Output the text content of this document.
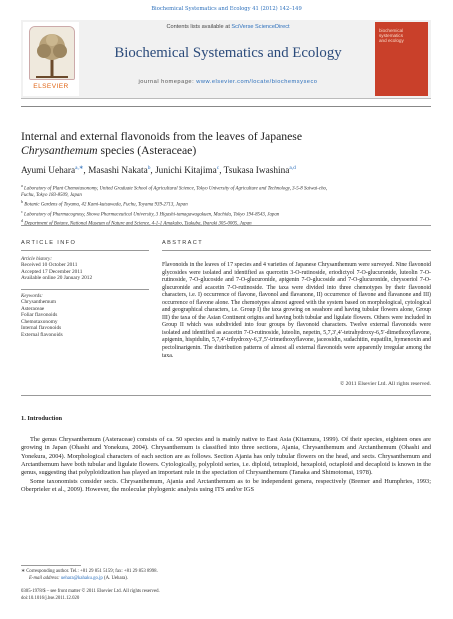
Biochemical Systematics and Ecology 41 (2012) 142–149
ELSEVIER
Contents lists available at SciVerse ScienceDirect
Biochemical Systematics and Ecology
journal homepage: www.elsevier.com/locate/biochemsyseco
biochemical
systematics
and ecology
Internal and external flavonoids from the leaves of Japanese
Chrysanthemum species (Asteraceae)
Ayumi Uehara$^{a,∗}$, Masashi Nakata$^b$, Junichi Kitajima$^c$, Tsukasa Iwashina$^{a,d}$
$^a$ Laboratory of Plant Chemotaxonomy, United Graduate School of Agricultural Science, Tokyo University of Agriculture and Technology, 3-5-8 Saiwai-cho,
Fuchu, Tokyo 183-8509, Japan
$^b$ Botanic Gardens of Toyama, 42 Kami-kutsuwada, Fuchu, Toyama 939-2713, Japan
$^c$ Laboratory of Pharmacognosy, Showa Pharmaceutical University, 3 Higashi-tamagawagakuen, Machida, Tokyo 194-8543, Japan
$^d$
ARTICLE INFO
Article history:
Received 10 October 2011
Accepted 17 December 2011
Available online 20 January 2012
Keywords:
Chrysanthemum
Asteraceae
Foliar flavonoids
Chemotaxonomy
Internal flavonoids
External flavonoids
ABSTRACT
Flavonoids in the leaves of 17 species and 4 varieties of Japanese Chrysanthemum were surveyed. Nine flavonoid glycosides were isolated and identified as quercetin 3-O-rutinoside, eriodictyol 7-O-glucuronide, luteolin 7-O-rutinoside, 7-O-glucoside and 7-O-glucuronide, apigenin 7-O-glucoside and 7-O-glucuronide, chrysoeriol 7-O-glucuronide and acacetin 7-O-rutinoside. The taxa were divided into three chemotypes by their flavonoid characters, i.e. I) occurrence of flavone, flavonol and flavanone, II) occurrence of flavone and flavanone and III) occurrence of flavone alone. The chemotypes almost agreed with the system based on morphological, cytological and geographical characters, i.e. Group I) the taxa growing on seashore and having tubular flowers alone, Group III) the taxa of the Asian Continent origins and having both tubular and ligulate flowers. Others were included in Group II which was subdivided into four groups by flavonoid characters. Twelve external flavonoids were isolated and identified as acacetin 7-O-rutinoside, luteolin, nepetin, 5,7,3′,4′-tetrahydroxy-6,5′-dimethoxyflavone, apigenin, hispidulin, 5,7,4′-trihydroxy-6,3′,5′-trimethoxyflavone, jaceosidin, sudachitin, eupatilin, hymenoxin and pectolinarigenin. The distribution patterns of almost all external flavonoids were apparently irregular among the taxa.
© 2011 Elsevier Ltd. All rights reserved.
1. Introduction

The genus Chrysanthemum (Asteraceae) consists of ca. 50 species and is mainly native to East Asia (Kitamura, 1999). Of their species, eighteen ones are growing in Japan (Ohashi and Yonekura, 2004). Chrysanthemum is classified into three sections, Ajania, Chrysanthemum and Arctanthemum (Ohashi and Yonekura, 2004). Morphological characters of each section are as follows. Section Ajania has only tubular flowers on the head, and sects. Chrysanthemum and Arctanthemum have both tubular and ligulate flowers. Cytologically, polyploid series, i.e. diploid, tetraploid, hexaploid, octaploid and decaploid is known in the genus, suggesting that polyploidization has played an important rule in the speciation of Chrysanthemum (Tanaka and Shimotomai, 1978).

Some taxonomists consider sects. Chrysanthemum, Ajania and Arctanthemum as to be independent genera, respectively (Bremer and Humphries, 1993; Oberprieler et al., 2009). However, the molecular phylogenic analysis using ITS and/or IGS

∗ Corresponding author. Tel.: +81 29 851 5159; fax: +81 29 853 8998.
E-mail address: uehara@kahaku.go.jp (A. Uehara).
0305-1978/$ – see front matter © 2011 Elsevier Ltd. All rights reserved.
doi:10.1016/j.bse.2011.12.020
